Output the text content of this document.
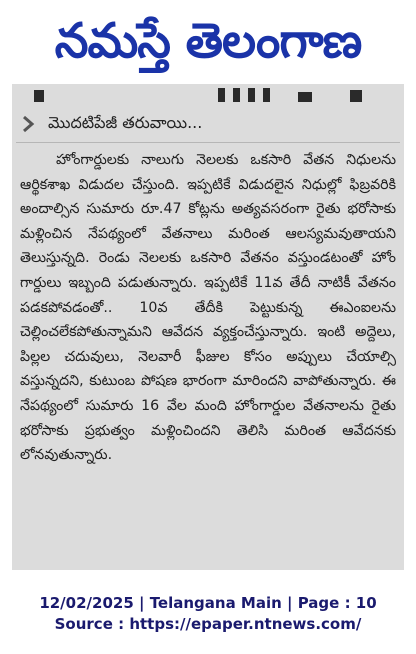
నమస్తే తెలంగాణ
మొదటిపేజీ తరువాయి...
హోంగార్డులకు నాలుగు నెలలకు ఒకసారి వేతన నిధులను ఆర్థికశాఖ విడుదల చేస్తుంది. ఇప్పటికే విడుదలైన నిధుల్లో ఫిబ్రవరికి అందాల్సిన సుమారు రూ.47 కోట్లను అత్యవసరంగా రైతు భరోసాకు మళ్లించిన నేపథ్యంలో వేతనాలు మరింత ఆలస్యమవుతాయని తెలుస్తున్నది. రెండు నెలలకు ఒకసారి వేతనం వస్తుండటంతో హోం గార్డులు ఇబ్బంది పడుతున్నారు. ఇప్పటికే 11వ తేదీ నాటికీ వేతనం పడకపోవడంతో.. 10వ తేదీకి పెట్టుకున్న ఈఎంఐలను చెల్లించలేకపోతున్నామని ఆవేదన వ్యక్తంచేస్తున్నారు. ఇంటి అద్దెలు, పిల్లల చదువులు, నెలవారీ ఫీజుల కోసం అప్పులు చేయాల్సి వస్తున్నదని, కుటుంబ పోషణ భారంగా మారిందని వాపోతున్నారు. ఈ నేపథ్యంలో సుమారు 16 వేల మంది హోంగార్డుల వేతనాలను రైతు భరోసాకు ప్రభుత్వం మళ్లించిందని తెలిసి మరింత ఆవేదనకు లోనవుతున్నారు.
12/02/2025 | Telangana Main | Page : 10
Source : https://epaper.ntnews.com/
